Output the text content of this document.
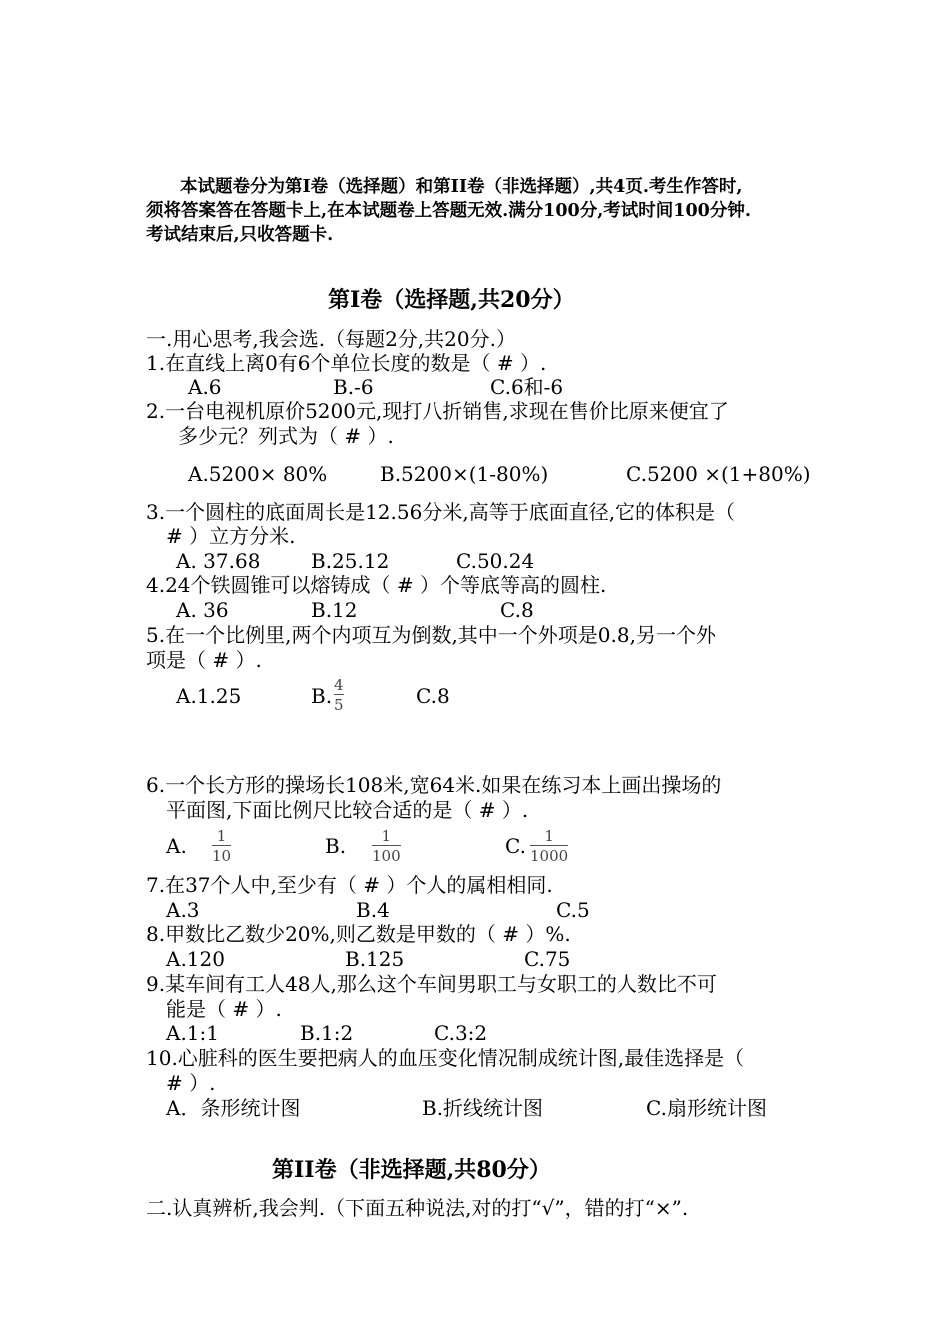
本试题卷分为第Ⅰ卷（选择题）和第II卷（非选择题）,共4页.考生作答时,
须将答案答在答题卡上,在本试题卷上答题无效.满分100分,考试时间100分钟.
考试结束后,只收答题卡.
第Ⅰ卷（选择题,共20分）
一.用心思考,我会选.（每题2分,共20分.）
1.在直线上离0有6个单位长度的数是（ # ）.
A.6	B.-6	C.6和-6
2.一台电视机原价5200元,现打八折销售,求现在售价比原来便宜了
多少元？列式为（ # ）.
A.5200× 80%	B.5200×(1-80%)	C.5200 ×(1+80%)
3.一个圆柱的底面周长是12.56分米,高等于底面直径,它的体积是（
# ）立方分米.
A. 37.68	B.25.12	C.50.24
4.24个铁圆锥可以熔铸成（ # ）个等底等高的圆柱.
A. 36	B.12	C.8
5.在一个比例里,两个内项互为倒数,其中一个外项是0.8,另一个外
项是（ # ）.
A.1.25	B. $\frac{4}{5}$	C.8
6.一个长方形的操场长108米,宽64米.如果在练习本上画出操场的
平面图,下面比例尺比较合适的是（ # ）.
A. $\frac{1}{10}$	B. $\frac{1}{100}$	C. $\frac{1}{1000}$
7.在37个人中,至少有（ # ）个人的属相相同.
A.3	B.4	C.5
8.甲数比乙数少20%,则乙数是甲数的（ # ）%.
A.120	B.125	C.75
9.某车间有工人48人,那么这个车间男职工与女职工的人数比不可
能是（ # ）.
A.1:1	B.1:2	C.3:2
10.心脏科的医生要把病人的血压变化情况制成统计图,最佳选择是（
# ）.
A．条形统计图	B.折线统计图	C.扇形统计图
第II卷（非选择题,共80分）
二.认真辨析,我会判.（下面五种说法,对的打“√”，错的打“×”.
